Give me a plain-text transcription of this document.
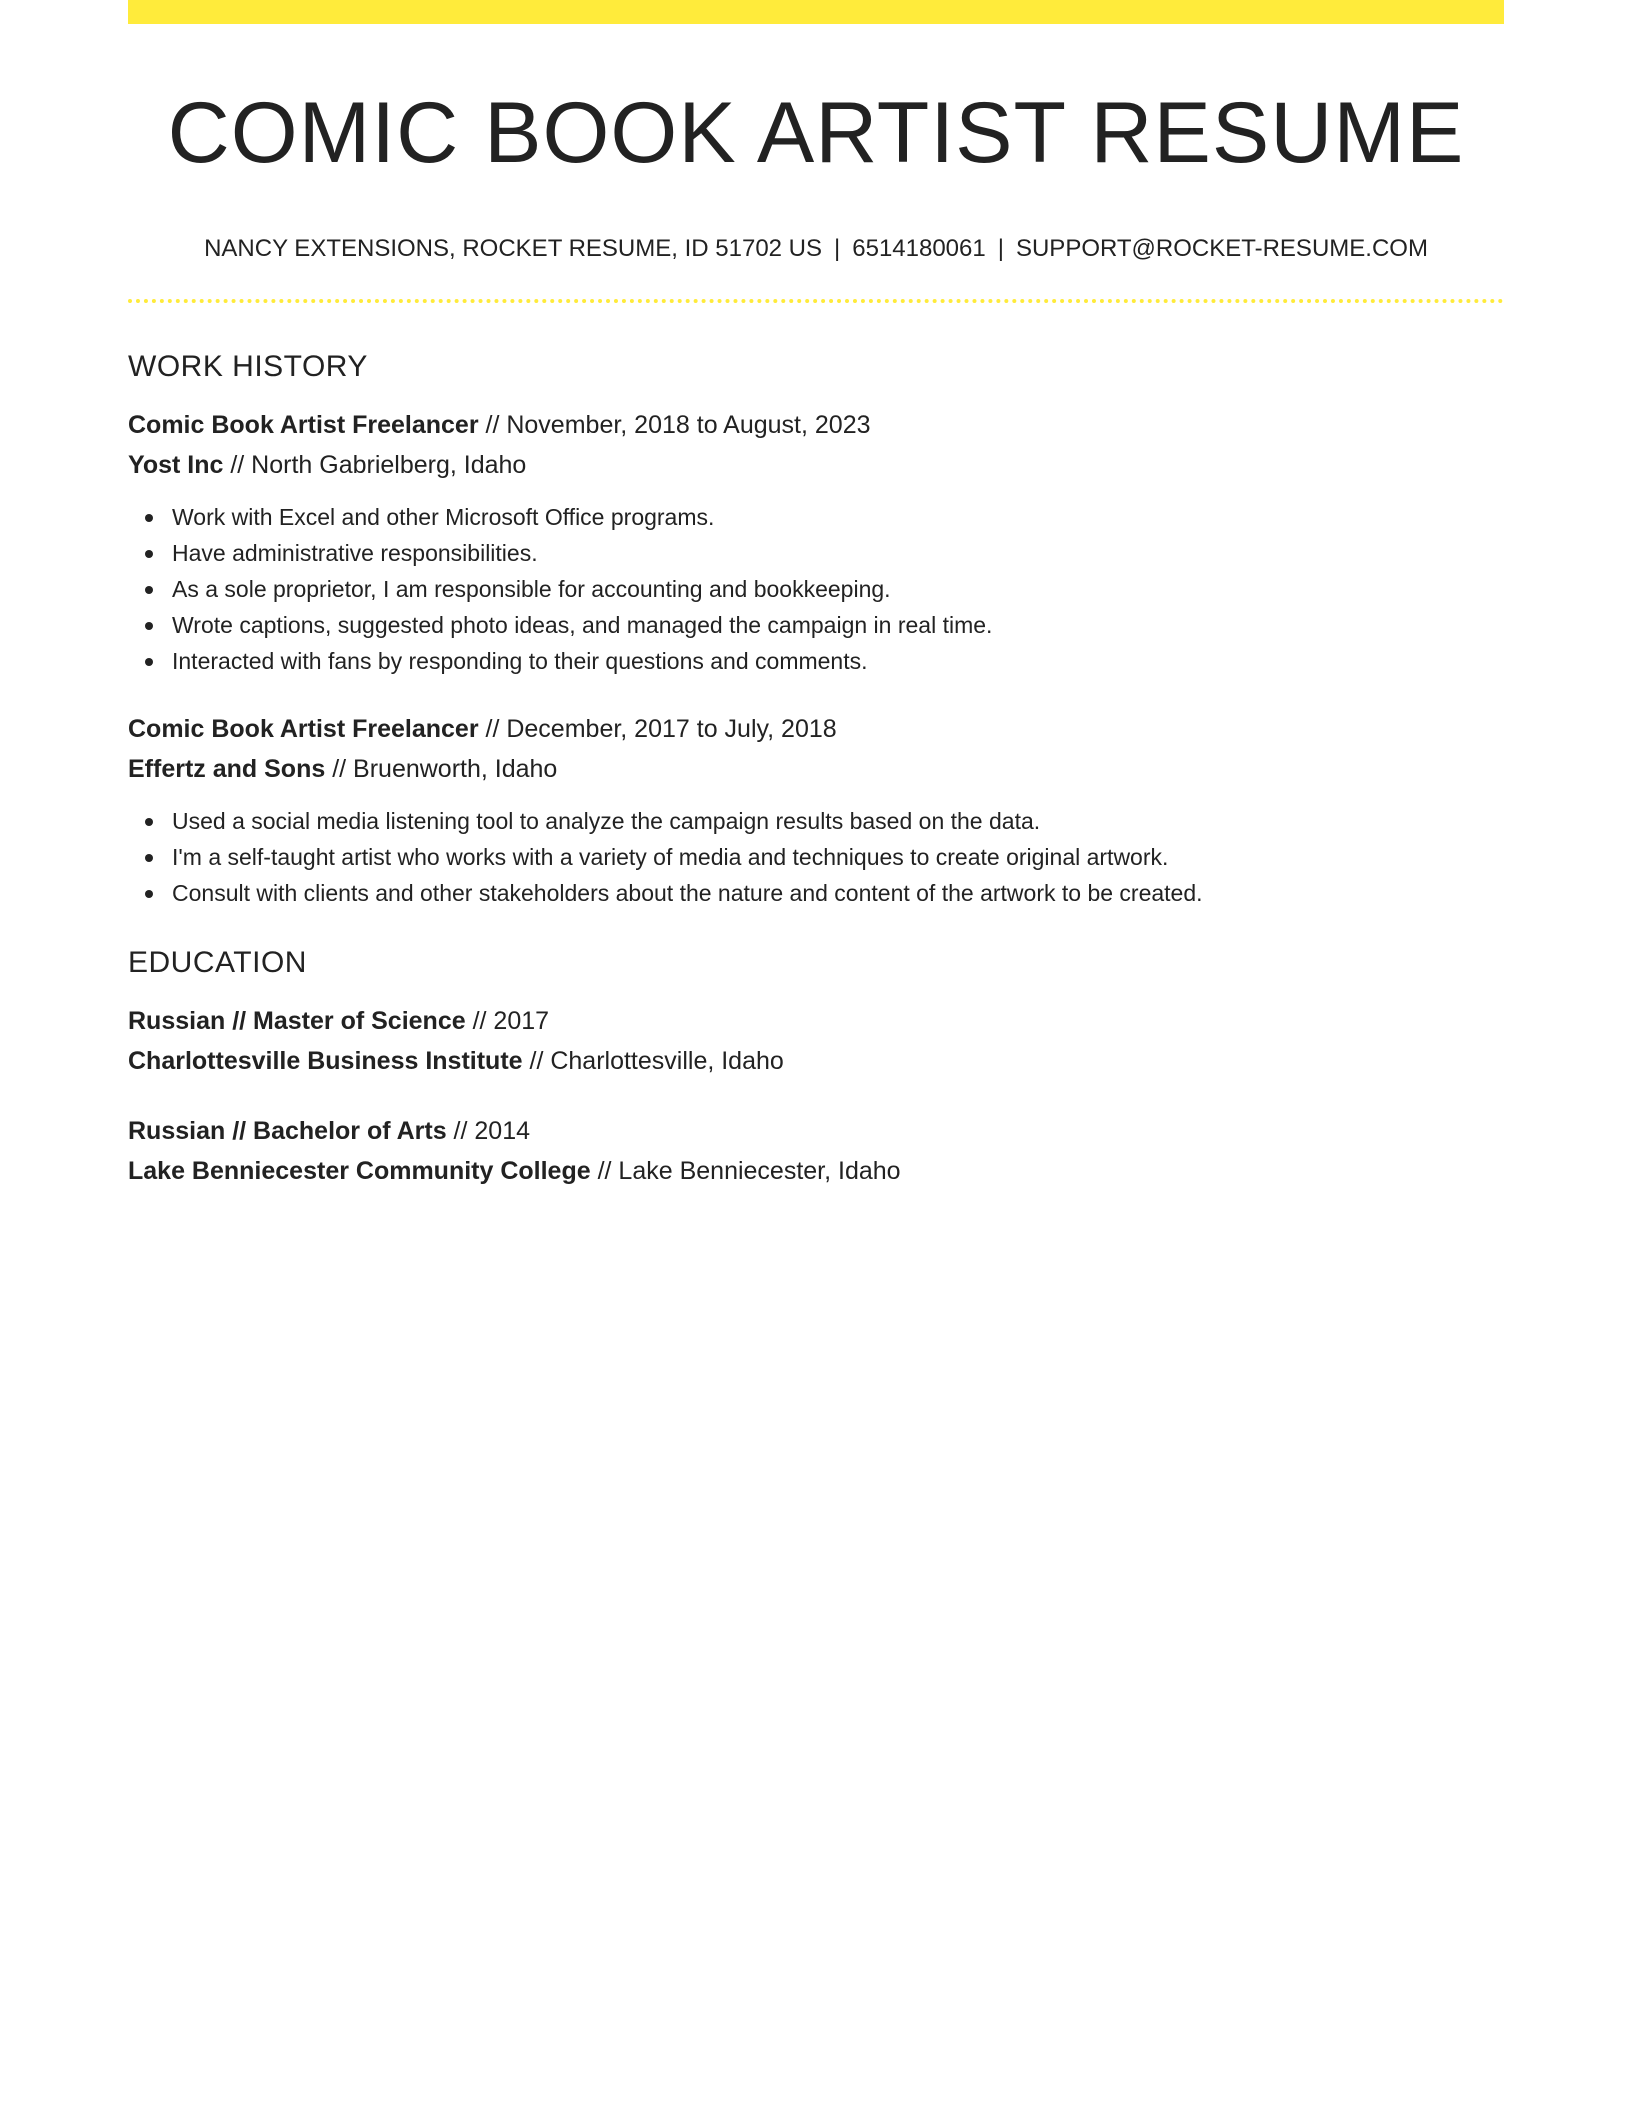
COMIC BOOK ARTIST RESUME
NANCY EXTENSIONS, ROCKET RESUME, ID 51702 US | 6514180061 | SUPPORT@ROCKET-RESUME.COM
WORK HISTORY
Comic Book Artist Freelancer // November, 2018 to August, 2023
Yost Inc // North Gabrielberg, Idaho
Work with Excel and other Microsoft Office programs.
Have administrative responsibilities.
As a sole proprietor, I am responsible for accounting and bookkeeping.
Wrote captions, suggested photo ideas, and managed the campaign in real time.
Interacted with fans by responding to their questions and comments.
Comic Book Artist Freelancer // December, 2017 to July, 2018
Effertz and Sons // Bruenworth, Idaho
Used a social media listening tool to analyze the campaign results based on the data.
I'm a self-taught artist who works with a variety of media and techniques to create original artwork.
Consult with clients and other stakeholders about the nature and content of the artwork to be created.
EDUCATION
Russian // Master of Science // 2017
Charlottesville Business Institute // Charlottesville, Idaho
Russian // Bachelor of Arts // 2014
Lake Benniecester Community College // Lake Benniecester, Idaho
